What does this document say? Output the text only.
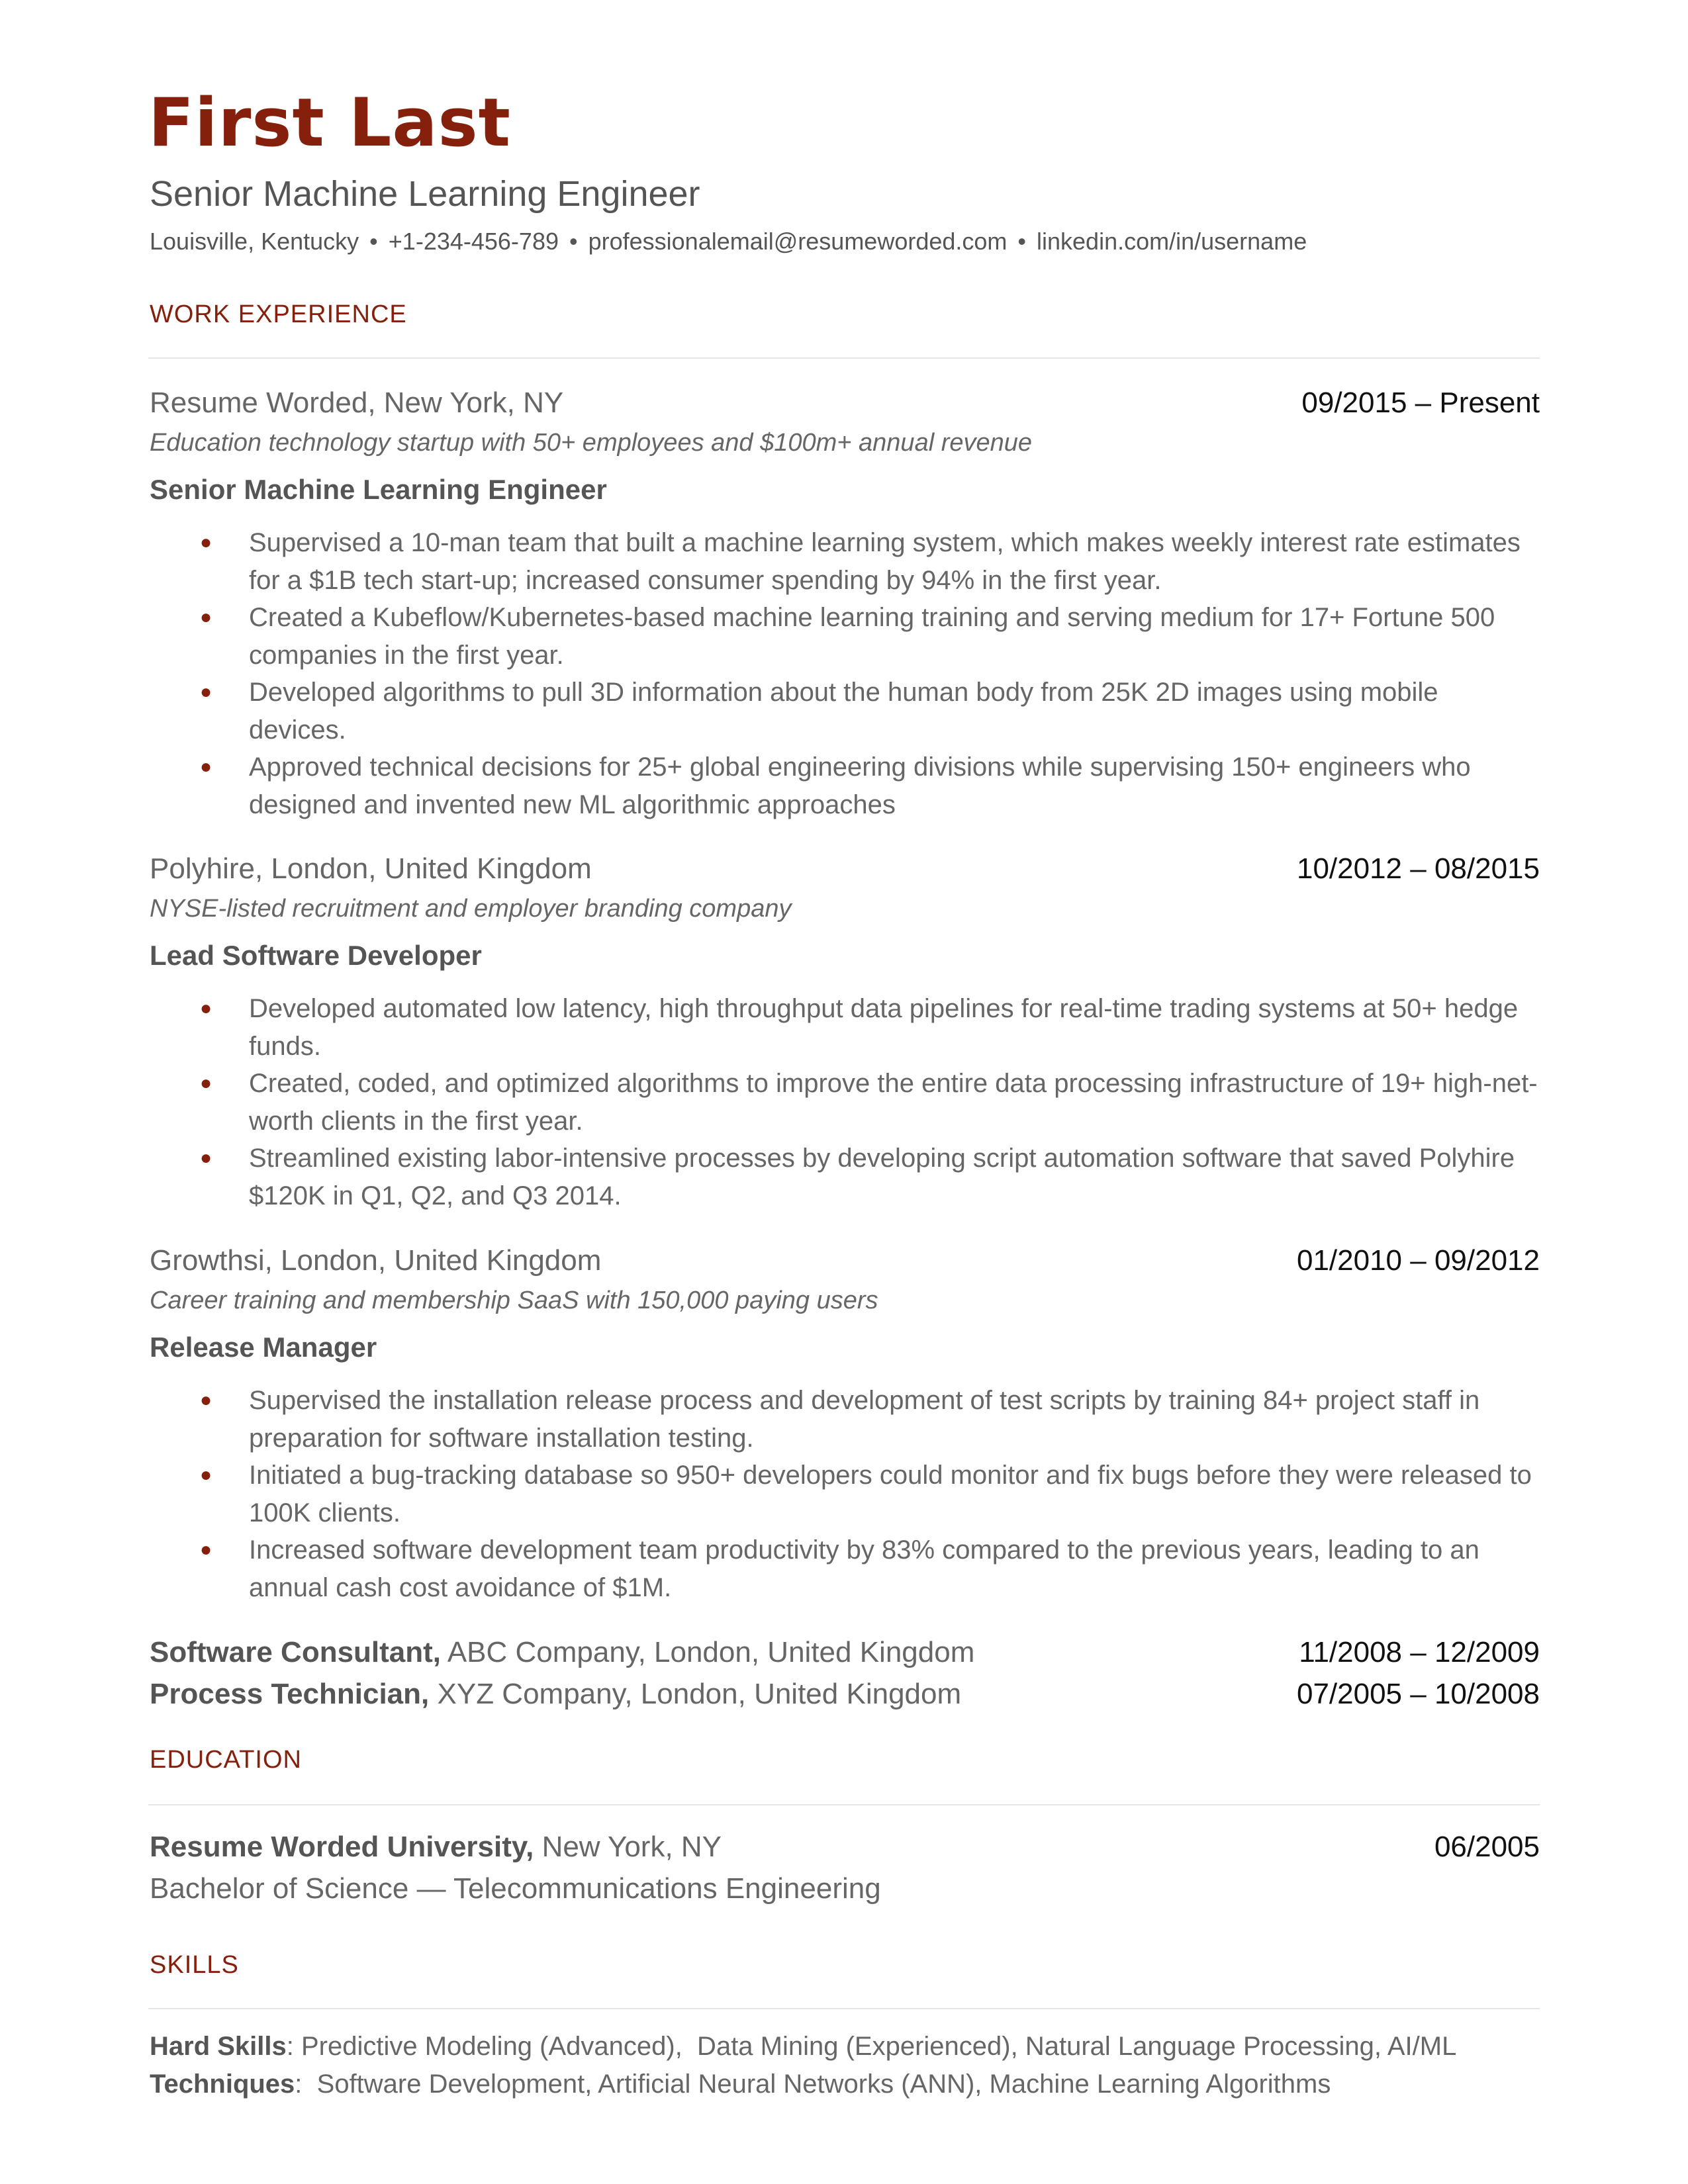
First Last
Senior Machine Learning Engineer
Louisville, Kentucky • +1-234-456-789 • professionalemail@resumeworded.com • linkedin.com/in/username
WORK EXPERIENCE
Resume Worded, New York, NY	09/2015 – Present
Education technology startup with 50+ employees and $100m+ annual revenue
Senior Machine Learning Engineer
● Supervised a 10-man team that built a machine learning system, which makes weekly interest rate estimates for a $1B tech start-up; increased consumer spending by 94% in the first year.
● Created a Kubeflow/Kubernetes-based machine learning training and serving medium for 17+ Fortune 500 companies in the first year.
● Developed algorithms to pull 3D information about the human body from 25K 2D images using mobile devices.
● Approved technical decisions for 25+ global engineering divisions while supervising 150+ engineers who designed and invented new ML algorithmic approaches
Polyhire, London, United Kingdom	10/2012 – 08/2015
NYSE-listed recruitment and employer branding company
Lead Software Developer
● Developed automated low latency, high throughput data pipelines for real-time trading systems at 50+ hedge funds.
● Created, coded, and optimized algorithms to improve the entire data processing infrastructure of 19+ high-net-worth clients in the first year.
● Streamlined existing labor-intensive processes by developing script automation software that saved Polyhire $120K in Q1, Q2, and Q3 2014.
Growthsi, London, United Kingdom	01/2010 – 09/2012
Career training and membership SaaS with 150,000 paying users
Release Manager
● Supervised the installation release process and development of test scripts by training 84+ project staff in preparation for software installation testing.
● Initiated a bug-tracking database so 950+ developers could monitor and fix bugs before they were released to 100K clients.
● Increased software development team productivity by 83% compared to the previous years, leading to an annual cash cost avoidance of $1M.
Software Consultant, ABC Company, London, United Kingdom	11/2008 – 12/2009
Process Technician, XYZ Company, London, United Kingdom	07/2005 – 10/2008
EDUCATION
Resume Worded University, New York, NY	06/2005
Bachelor of Science — Telecommunications Engineering
SKILLS
Hard Skills: Predictive Modeling (Advanced),  Data Mining (Experienced), Natural Language Processing, AI/ML
Techniques:  Software Development, Artificial Neural Networks (ANN), Machine Learning Algorithms
